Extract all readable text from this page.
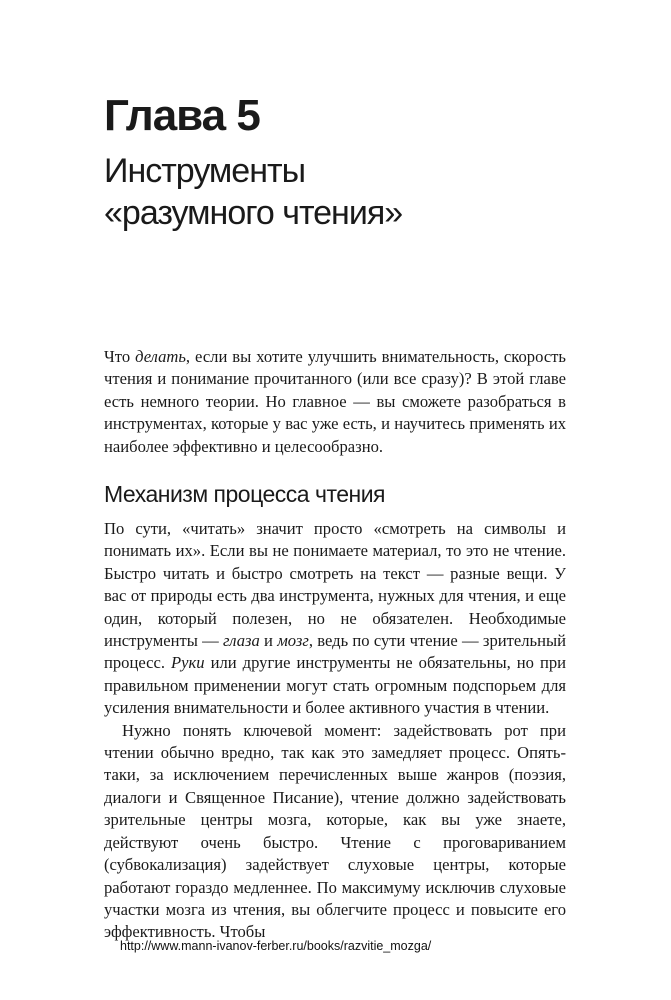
Глава 5
Инструменты
«разумного чтения»

Что делать, если вы хотите улучшить внимательность, скорость чтения и понимание прочитанного (или все сразу)? В этой главе есть немного теории. Но главное — вы сможете разобраться в инструментах, которые у вас уже есть, и научитесь применять их наиболее эффективно и целесообразно.

Механизм процесса чтения

По сути, «читать» значит просто «смотреть на символы и понимать их». Если вы не понимаете материал, то это не чтение. Быстро читать и быстро смотреть на текст — разные вещи. У вас от природы есть два инструмента, нужных для чтения, и еще один, который полезен, но не обязателен. Необходимые инструменты — глаза и мозг, ведь по сути чтение — зрительный процесс. Руки или другие инструменты не обязательны, но при правильном применении могут стать огромным подспорьем для усиления внимательности и более активного участия в чтении.

Нужно понять ключевой момент: задействовать рот при чтении обычно вредно, так как это замедляет процесс. Опять-таки, за исключением перечисленных выше жанров (поэзия, диалоги и Священное Писание), чтение должно задействовать зрительные центры мозга, которые, как вы уже знаете, действуют очень быстро. Чтение с проговариванием (субвокализация) задействует слуховые центры, которые работают гораздо медленнее. По максимуму исключив слуховые участки мозга из чтения, вы облегчите процесс и повысите его эффективность. Чтобы

http://www.mann-ivanov-ferber.ru/books/razvitie_mozga/
